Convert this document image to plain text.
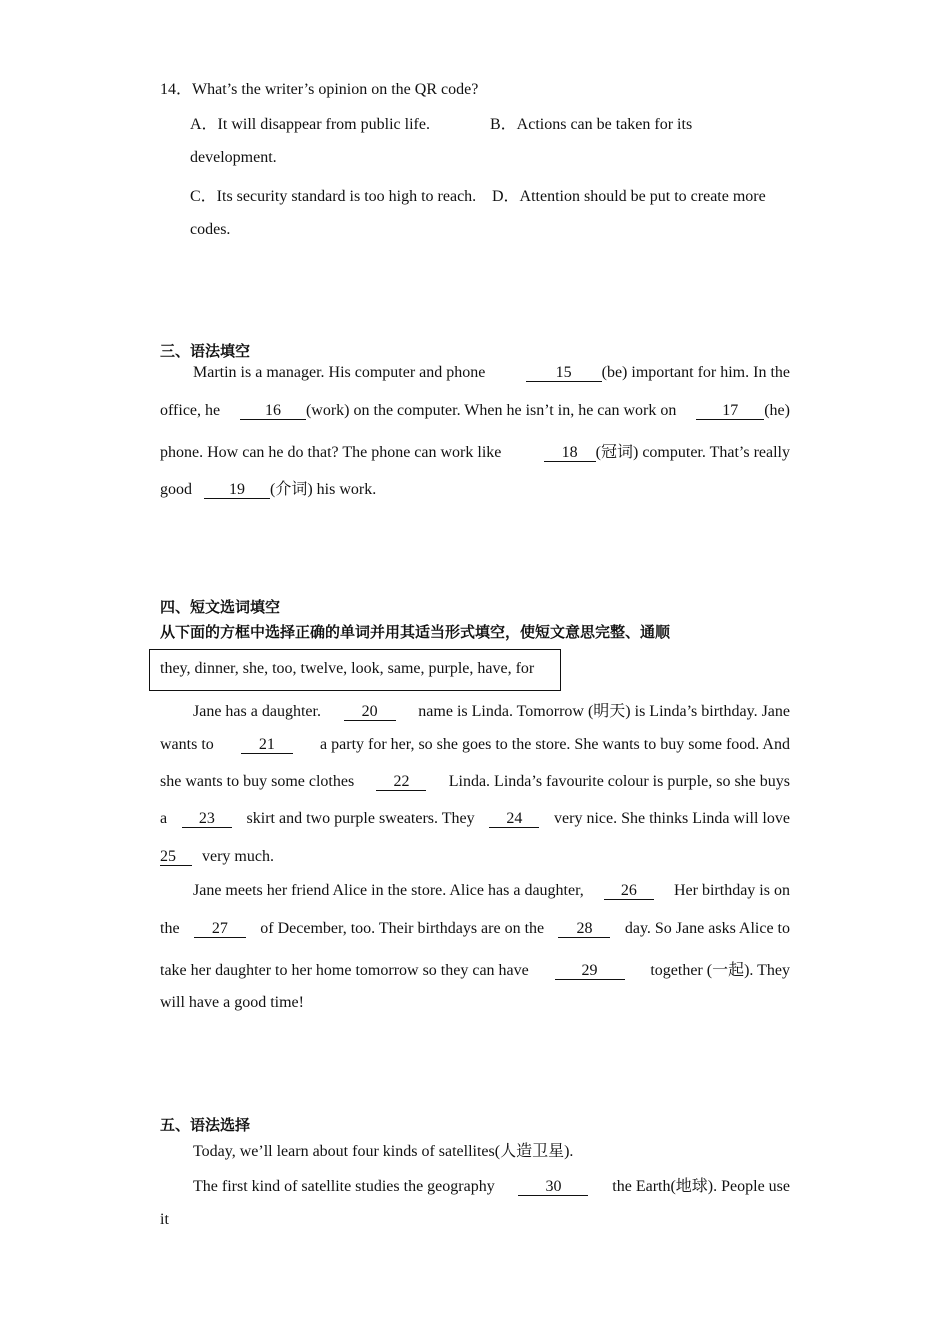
14．What’s the writer’s opinion on the QR code?
A．It will disappear from public life.	B．Actions can be taken for its
development.
C．Its security standard is too high to reach. D．Attention should be put to create more
codes.
三、语法填空
Martin is a manager. His computer and phone	15 (be) important for him. In the
office, he	16 (work) on the computer. When he isn’t in, he can work on	17 (he)
phone. How can he do that? The phone can work like	18 (冠词) computer. That’s really
good 19 (介词) his work.
四、短文选词填空
从下面的方框中选择正确的单词并用其适当形式填空，使短文意思完整、通顺
they, dinner, she, too, twelve, look, same, purple, have, for
Jane has a daughter.	20	name is Linda. Tomorrow (明天) is Linda’s birthday. Jane
wants to	21	a party for her, so she goes to the store. She wants to buy some food. And
she wants to buy some clothes	22	Linda. Linda’s favourite colour is purple, so she buys
a	23	skirt and two purple sweaters. They	24	very nice. She thinks Linda will love
25 very much.
Jane meets her friend Alice in the store. Alice has a daughter,	26	Her birthday is on
the	27	of December, too. Their birthdays are on the	28	day. So Jane asks Alice to
take her daughter to her home tomorrow so they can have	29	together (一起). They
will have a good time!
五、语法选择
Today, we’ll learn about four kinds of satellites(人造卫星).
The first kind of satellite studies the geography	30	the Earth(地球). People use
it
